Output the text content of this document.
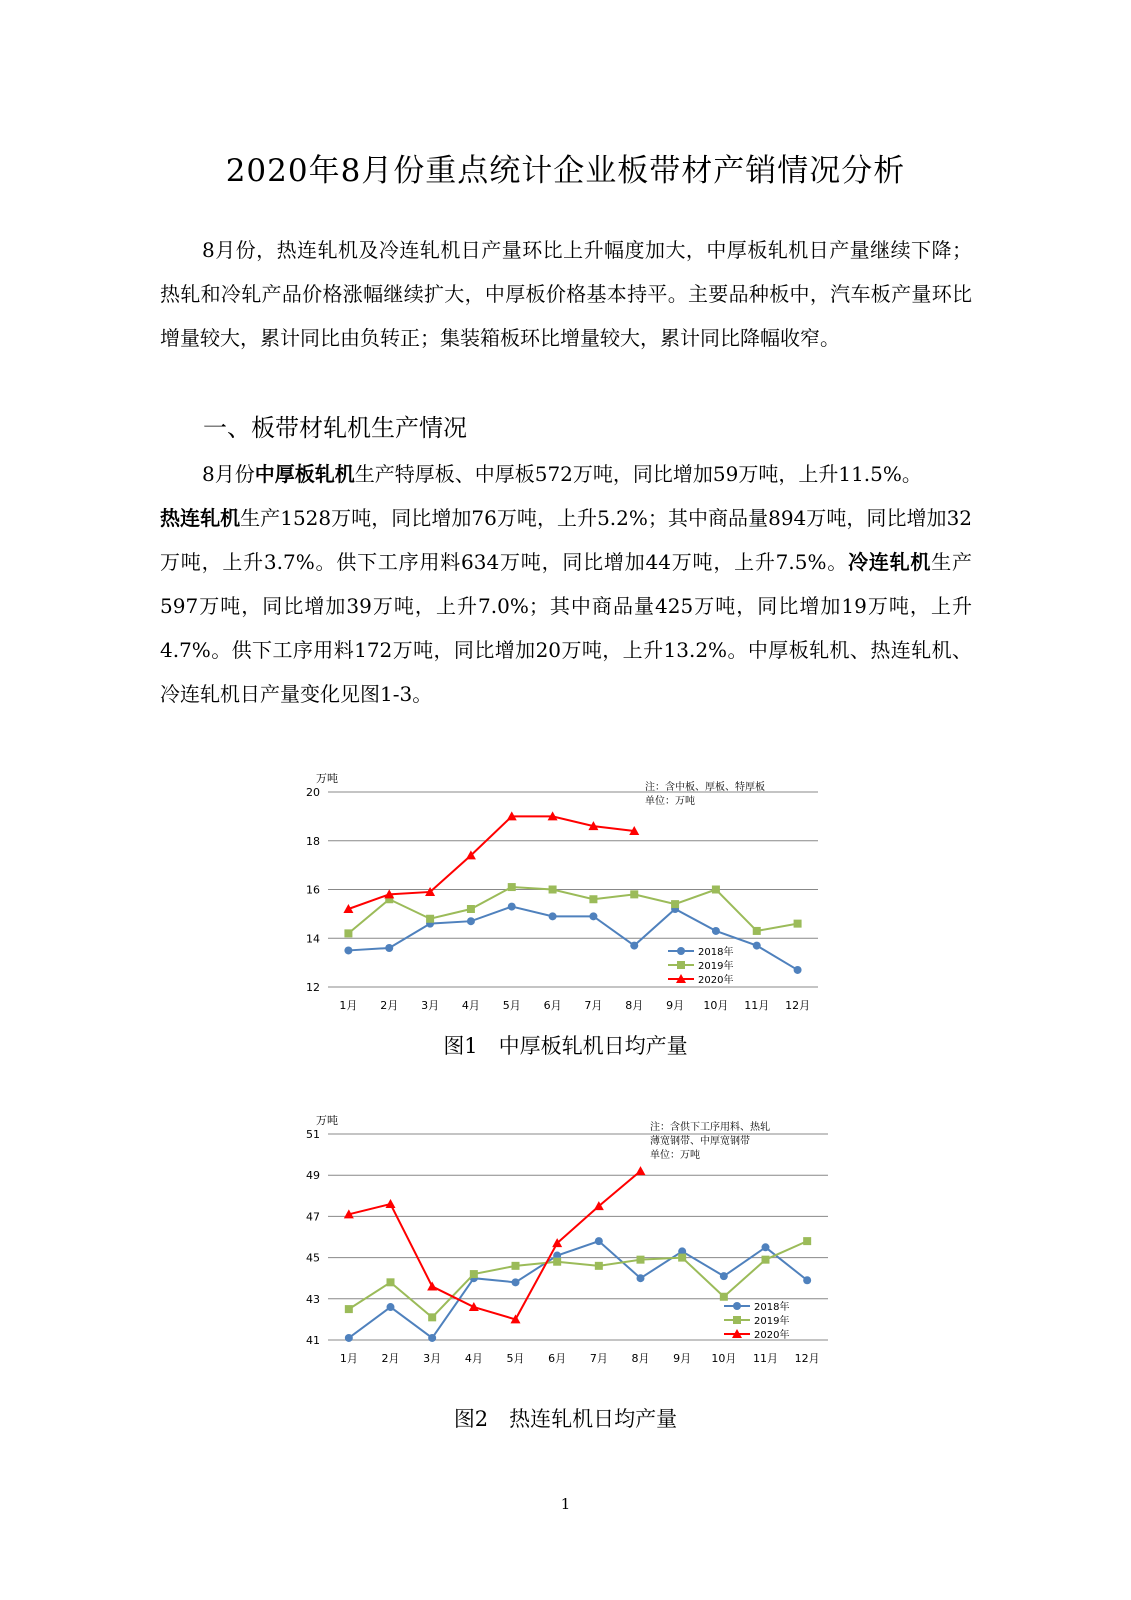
2020年8月份重点统计企业板带材产销情况分析
8月份，热连轧机及冷连轧机日产量环比上升幅度加大，中厚板轧机日产量继续下降；热轧和冷轧产品价格涨幅继续扩大，中厚板价格基本持平。主要品种板中，汽车板产量环比增量较大，累计同比由负转正；集装箱板环比增量较大，累计同比降幅收窄。
一、板带材轧机生产情况
8月份中厚板轧机生产特厚板、中厚板572万吨，同比增加59万吨，上升11.5%。
热连轧机生产1528万吨，同比增加76万吨，上升5.2%；其中商品量894万吨，同比增加32万吨，上升3.7%。供下工序用料634万吨，同比增加44万吨，上升7.5%。冷连轧机生产597万吨，同比增加39万吨，上升7.0%；其中商品量425万吨，同比增加19万吨，上升4.7%。供下工序用料172万吨，同比增加20万吨，上升13.2%。中厚板轧机、热连轧机、冷连轧机日产量变化见图1-3。
万吨
12
14
16
18
20
1月 2月 3月 4月 5月 6月 7月 8月 9月 10月 11月 12月
注：含中板、厚板、特厚板
单位：万吨
2018年
2019年
2020年
图1　中厚板轧机日均产量
万吨
41
43
45
47
49
51
1月 2月 3月 4月 5月 6月 7月 8月 9月 10月 11月 12月
注：含供下工序用料、热轧
薄宽钢带、中厚宽钢带
单位：万吨
2018年
2019年
2020年
图2　热连轧机日均产量
1
